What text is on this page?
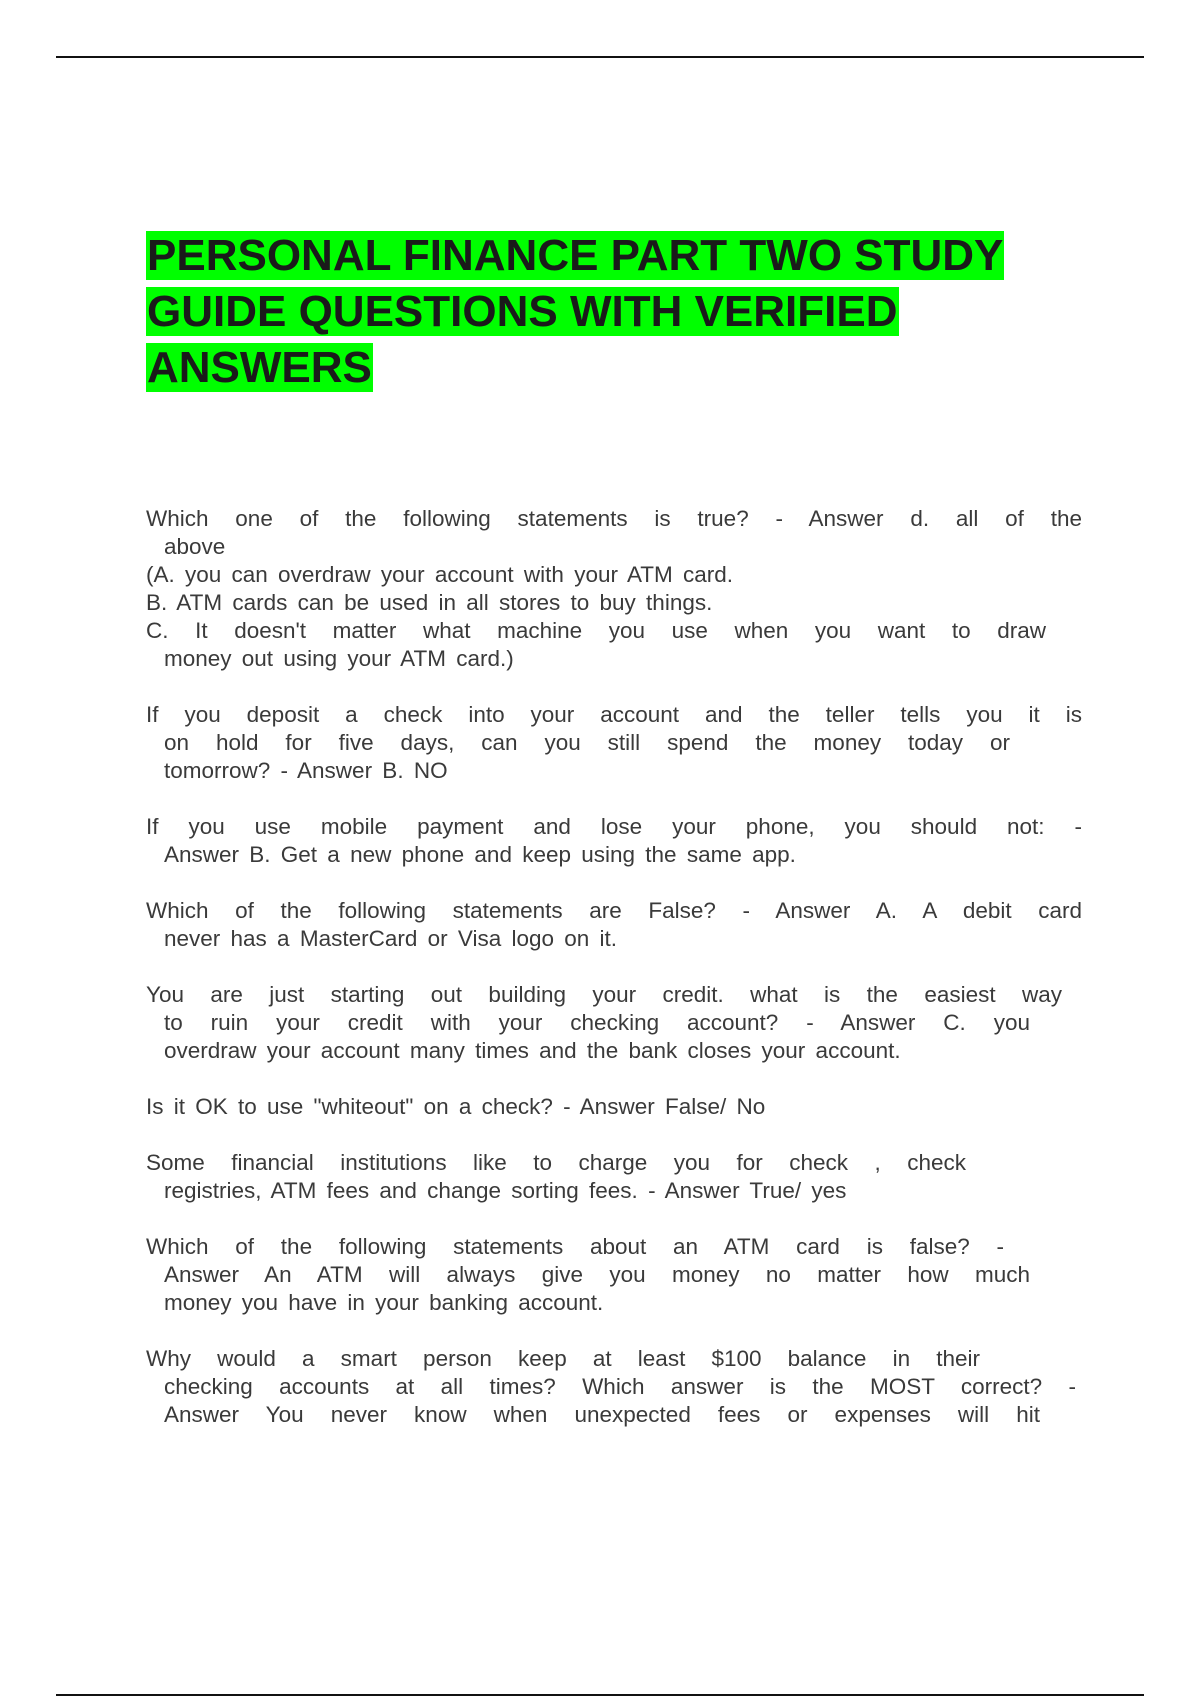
PERSONAL FINANCE PART TWO STUDY
GUIDE QUESTIONS WITH VERIFIED
ANSWERS
Which one of the following statements is true? - Answer d. all of the
above
(A. you can overdraw your account with your ATM card.
B. ATM cards can be used in all stores to buy things.
C. It doesn't matter what machine you use when you want to draw
money out using your ATM card.)
If you deposit a check into your account and the teller tells you it is
on hold for five days, can you still spend the money today or
tomorrow? - Answer B. NO
If you use mobile payment and lose your phone, you should not: -
Answer B. Get a new phone and keep using the same app.
Which of the following statements are False? - Answer A. A debit card
never has a MasterCard or Visa logo on it.
You are just starting out building your credit. what is the easiest way
to ruin your credit with your checking account? - Answer C. you
overdraw your account many times and the bank closes your account.
Is it OK to use "whiteout" on a check? - Answer False/ No
Some financial institutions like to charge you for check , check
registries, ATM fees and change sorting fees. - Answer True/ yes
Which of the following statements about an ATM card is false? -
Answer An ATM will always give you money no matter how much
money you have in your banking account.
Why would a smart person keep at least $100 balance in their
checking accounts at all times? Which answer is the MOST correct? -
Answer You never know when unexpected fees or expenses will hit
